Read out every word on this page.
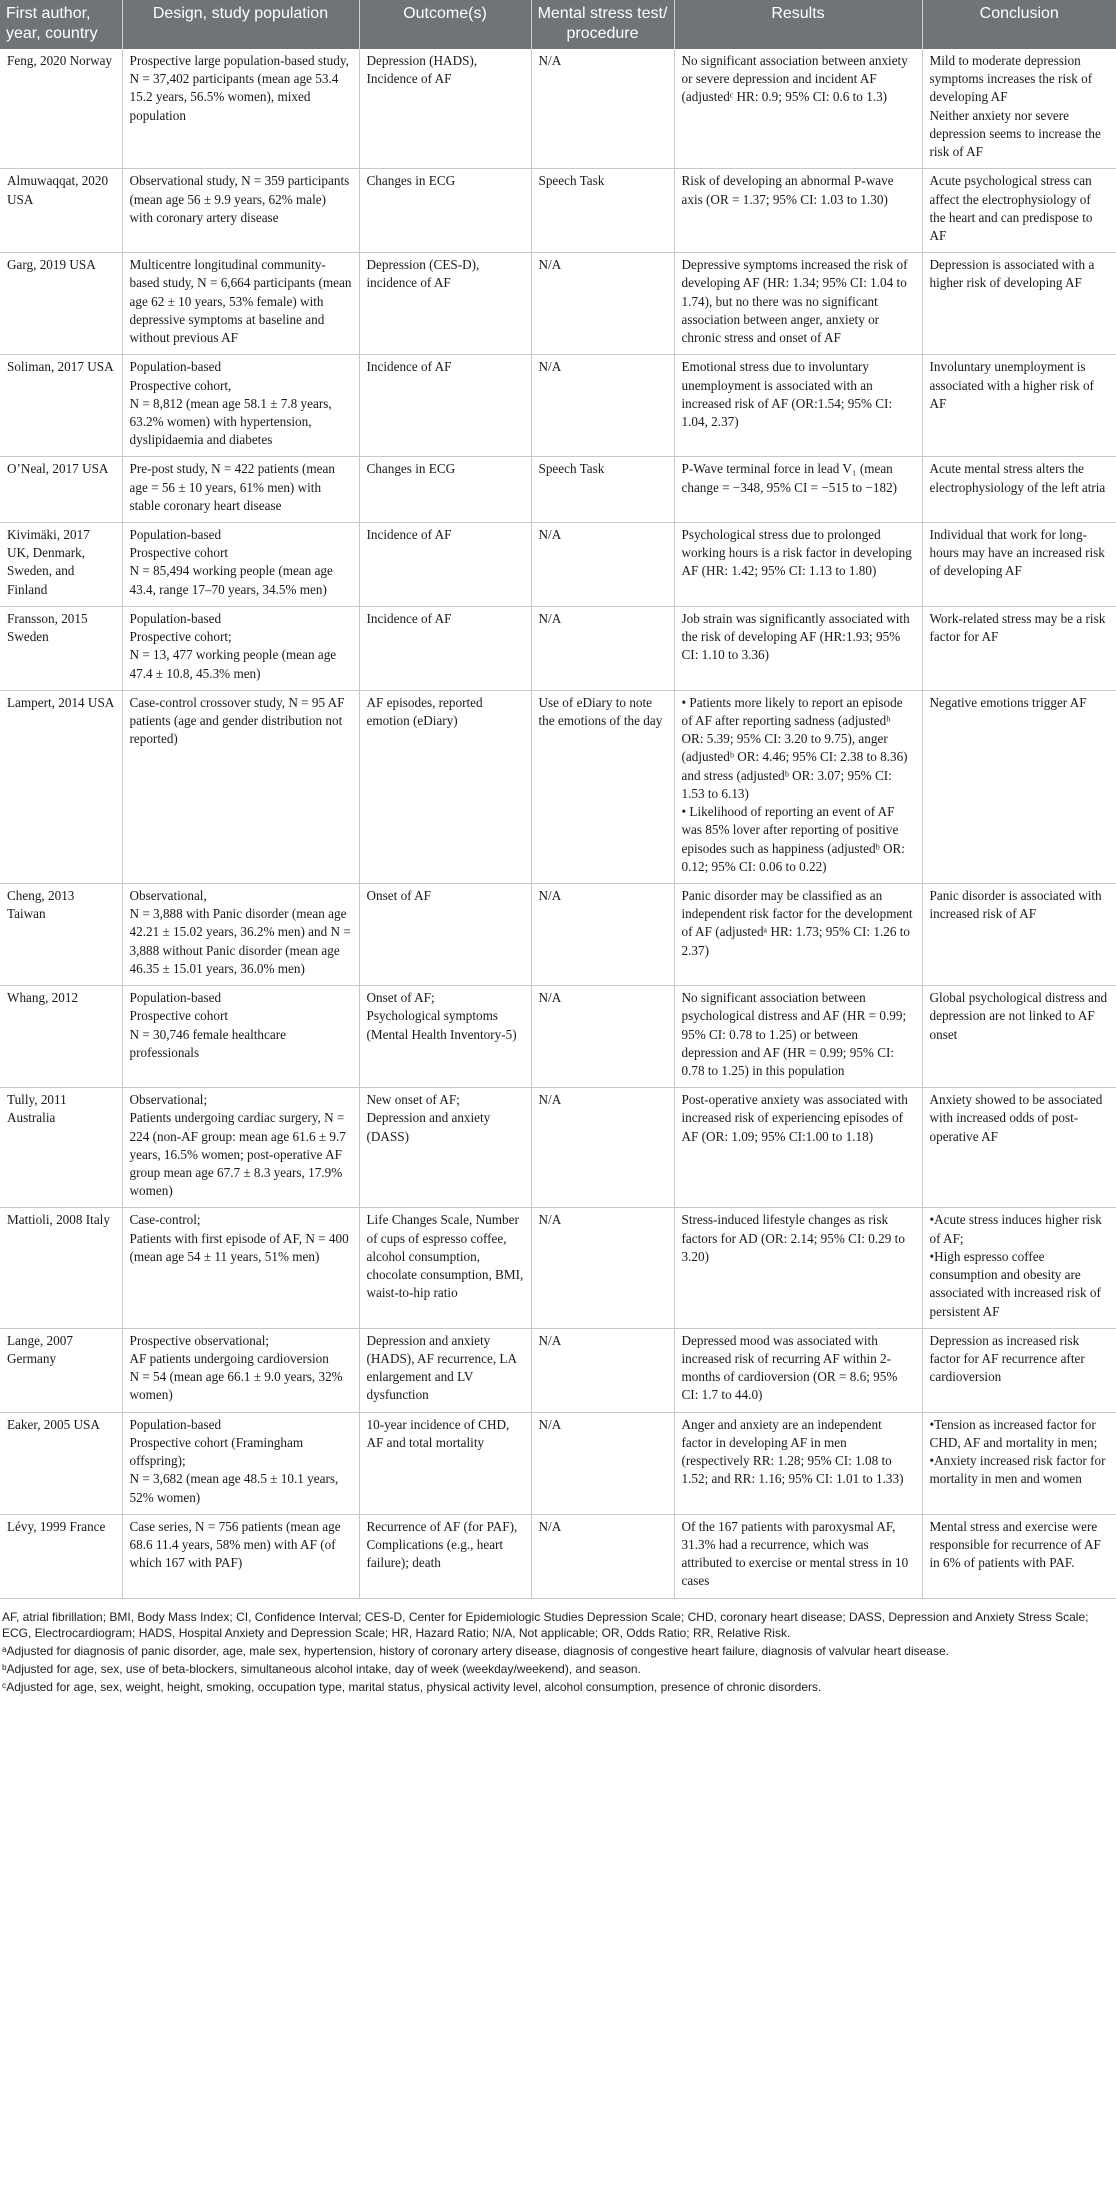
First author, year, country	Design, study population	Outcome(s)	Mental stress test/ procedure	Results	Conclusion
Feng, 2020 Norway	Prospective large population-based study, N = 37,402 participants (mean age 53.4 15.2 years, 56.5% women), mixed population	Depression (HADS), Incidence of AF	N/A	No significant association between anxiety or severe depression and incident AF (adjustedᶜ HR: 0.9; 95% CI: 0.6 to 1.3)	Mild to moderate depression symptoms increases the risk of developing AF
Neither anxiety nor severe depression seems to increase the risk of AF

Almuwaqqat, 2020 USA	Observational study, N = 359 participants (mean age 56 ± 9.9 years, 62% male) with coronary artery disease	Changes in ECG	Speech Task	Risk of developing an abnormal P-wave axis (OR = 1.37; 95% CI: 1.03 to 1.30)	Acute psychological stress can affect the electrophysiology of the heart and can predispose to AF

Garg, 2019 USA	Multicentre longitudinal community-based study, N = 6,664 participants (mean age 62 ± 10 years, 53% female) with depressive symptoms at baseline and without previous AF	Depression (CES-D), incidence of AF	N/A	Depressive symptoms increased the risk of developing AF (HR: 1.34; 95% CI: 1.04 to 1.74), but no there was no significant association between anger, anxiety or chronic stress and onset of AF	Depression is associated with a higher risk of developing AF

Soliman, 2017 USA	Population-based
Prospective cohort,
N = 8,812 (mean age 58.1 ± 7.8 years, 63.2% women) with hypertension, dyslipidaemia and diabetes	Incidence of AF	N/A	Emotional stress due to involuntary unemployment is associated with an increased risk of AF (OR:1.54; 95% CI: 1.04, 2.37)	Involuntary unemployment is associated with a higher risk of AF

O’Neal, 2017 USA	Pre-post study, N = 422 patients (mean age = 56 ± 10 years, 61% men) with stable coronary heart disease	Changes in ECG	Speech Task	P-Wave terminal force in lead V₁ (mean change = −348, 95% CI = −515 to −182)	Acute mental stress alters the electrophysiology of the left atria

Kivimäki, 2017 UK, Denmark, Sweden, and Finland	Population-based
Prospective cohort
N = 85,494 working people (mean age 43.4, range 17–70 years, 34.5% men)	Incidence of AF	N/A	Psychological stress due to prolonged working hours is a risk factor in developing AF (HR: 1.42; 95% CI: 1.13 to 1.80)	Individual that work for long-hours may have an increased risk of developing AF

Fransson, 2015 Sweden	Population-based
Prospective cohort;
N = 13, 477 working people (mean age 47.4 ± 10.8, 45.3% men)	Incidence of AF	N/A	Job strain was significantly associated with the risk of developing AF (HR:1.93; 95% CI: 1.10 to 3.36)	Work-related stress may be a risk factor for AF

Lampert, 2014 USA	Case-control crossover study, N = 95 AF patients (age and gender distribution not reported)	AF episodes, reported emotion (eDiary)	Use of eDiary to note the emotions of the day	• Patients more likely to report an episode of AF after reporting sadness (adjustedᵇ OR: 5.39; 95% CI: 3.20 to 9.75), anger (adjustedᵇ OR: 4.46; 95% CI: 2.38 to 8.36) and stress (adjustedᵇ OR: 3.07; 95% CI: 1.53 to 6.13)
• Likelihood of reporting an event of AF was 85% lover after reporting of positive episodes such as happiness (adjustedᵇ OR: 0.12; 95% CI: 0.06 to 0.22)	Negative emotions trigger AF

Cheng, 2013 Taiwan	Observational,
N = 3,888 with Panic disorder (mean age 42.21 ± 15.02 years, 36.2% men) and N = 3,888 without Panic disorder (mean age 46.35 ± 15.01 years, 36.0% men)	Onset of AF	N/A	Panic disorder may be classified as an independent risk factor for the development of AF (adjustedᵃ HR: 1.73; 95% CI: 1.26 to 2.37)	Panic disorder is associated with increased risk of AF

Whang, 2012	Population-based
Prospective cohort
N = 30,746 female healthcare professionals	Onset of AF;
Psychological symptoms (Mental Health Inventory-5)	N/A	No significant association between psychological distress and AF (HR = 0.99; 95% CI: 0.78 to 1.25) or between depression and AF (HR = 0.99; 95% CI: 0.78 to 1.25) in this population	Global psychological distress and depression are not linked to AF onset

Tully, 2011 Australia	Observational;
Patients undergoing cardiac surgery, N = 224 (non-AF group: mean age 61.6 ± 9.7 years, 16.5% women; post-operative AF group mean age 67.7 ± 8.3 years, 17.9% women)	New onset of AF;
Depression and anxiety (DASS)	N/A	Post-operative anxiety was associated with increased risk of experiencing episodes of AF (OR: 1.09; 95% CI:1.00 to 1.18)	Anxiety showed to be associated with increased odds of post-operative AF

Mattioli, 2008 Italy	Case-control;
Patients with first episode of AF, N = 400 (mean age 54 ± 11 years, 51% men)	Life Changes Scale, Number of cups of espresso coffee, alcohol consumption, chocolate consumption, BMI, waist-to-hip ratio	N/A	Stress-induced lifestyle changes as risk factors for AD (OR: 2.14; 95% CI: 0.29 to 3.20)	•Acute stress induces higher risk of AF;
•High espresso coffee consumption and obesity are associated with increased risk of persistent AF

Lange, 2007 Germany	Prospective observational;
AF patients undergoing cardioversion
N = 54 (mean age 66.1 ± 9.0 years, 32% women)	Depression and anxiety (HADS), AF recurrence, LA enlargement and LV dysfunction	N/A	Depressed mood was associated with increased risk of recurring AF within 2-months of cardioversion (OR = 8.6; 95% CI: 1.7 to 44.0)	Depression as increased risk factor for AF recurrence after cardioversion

Eaker, 2005 USA	Population-based
Prospective cohort (Framingham offspring);
N = 3,682 (mean age 48.5 ± 10.1 years, 52% women)	10-year incidence of CHD, AF and total mortality	N/A	Anger and anxiety are an independent factor in developing AF in men (respectively RR: 1.28; 95% CI: 1.08 to 1.52; and RR: 1.16; 95% CI: 1.01 to 1.33)	•Tension as increased factor for CHD, AF and mortality in men;
•Anxiety increased risk factor for mortality in men and women

Lévy, 1999 France	Case series, N = 756 patients (mean age 68.6 11.4 years, 58% men) with AF (of which 167 with PAF)	Recurrence of AF (for PAF), Complications (e.g., heart failure); death	N/A	Of the 167 patients with paroxysmal AF, 31.3% had a recurrence, which was attributed to exercise or mental stress in 10 cases	Mental stress and exercise were responsible for recurrence of AF in 6% of patients with PAF.

AF, atrial fibrillation; BMI, Body Mass Index; CI, Confidence Interval; CES-D, Center for Epidemiologic Studies Depression Scale; CHD, coronary heart disease; DASS, Depression and Anxiety Stress Scale; ECG, Electrocardiogram; HADS, Hospital Anxiety and Depression Scale; HR, Hazard Ratio; N/A, Not applicable; OR, Odds Ratio; RR, Relative Risk.

ᵃAdjusted for diagnosis of panic disorder, age, male sex, hypertension, history of coronary artery disease, diagnosis of congestive heart failure, diagnosis of valvular heart disease.

ᵇAdjusted for age, sex, use of beta-blockers, simultaneous alcohol intake, day of week (weekday/weekend), and season.

ᶜAdjusted for age, sex, weight, height, smoking, occupation type, marital status, physical activity level, alcohol consumption, presence of chronic disorders.
